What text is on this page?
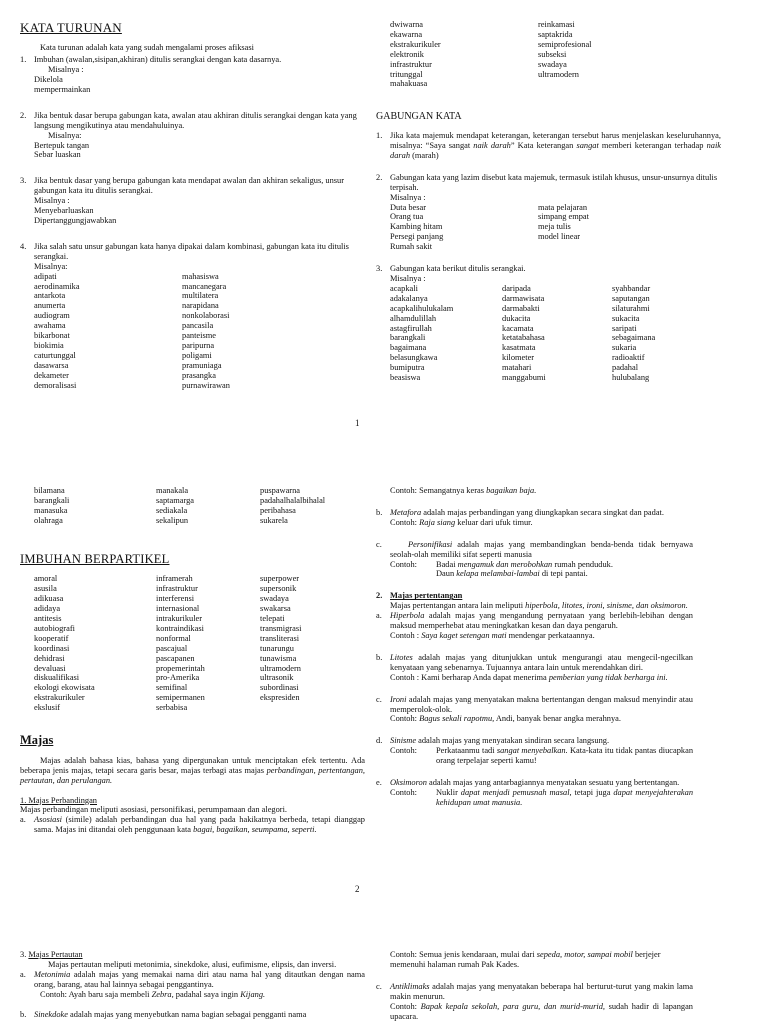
KATA TURUNAN

Kata turunan adalah kata yang sudah mengalami proses afiksasi

1. Imbuhan (awalan,sisipan,akhiran) ditulis serangkai dengan kata dasarnya.

Misalnya :

Dikelola

mempermainkan

2. Jika bentuk dasar berupa gabungan kata, awalan atau akhiran ditulis serangkai dengan kata yang langsung mengikutinya atau mendahuluinya.

Misalnya:

Bertepuk tangan

Sebar luaskan

3. Jika bentuk dasar yang berupa gabungan kata mendapat awalan dan akhiran sekaligus, unsur gabungan kata itu ditulis serangkai.

Misalnya :

Menyebarluaskan

Dipertanggungjawabkan

4. Jika salah satu unsur gabungan kata hanya dipakai dalam kombinasi, gabungan kata itu ditulis serangkai.

Misalnya:

adipati	mahasiswa
aerodinamika	mancanegara
antarkota	multilatera
anumerta	narapidana
audiogram	nonkolaborasi
awahama	pancasila
bikarbonat	panteisme
biokimia	paripurna
caturtunggal	poligami
dasawarsa	pramuniaga
dekameter	prasangka
demoralisasi	purnawirawan
dwiwarna	reinkamasi
ekawarna	saptakrida
ekstrakurikuler	semiprofesional
elektronik	subseksi
infrastruktur	swadaya
tritunggal	ultramodern
mahakuasa
GABUNGAN KATA
1. Jika kata majemuk mendapat keterangan, keterangan tersebut harus menjelaskan keseluruhannya, misalnya: “Saya sangat naik darah” Kata keterangan sangat memberi keterangan terhadap naik darah (marah)

2. Gabungan kata yang lazim disebut kata majemuk, termasuk istilah khusus, unsur-unsurnya ditulis terpisah.

Misalnya :

Duta besar	mata pelajaran
Orang tua	simpang empat
Kambing hitam	meja tulis
Persegi panjang	model linear
Rumah sakit
3. Gabungan kata berikut ditulis serangkai.

Misalnya :

acapkali	daripada	syahbandar
adakalanya	darmawisata	saputangan
acapkalihulukalam	darmabakti	silaturahmi
alhamdulillah	dukacita	sukacita
astagfirullah	kacamata	saripati
barangkali	ketatabahasa	sebagaimana
bagaimana	kasatmata	sukaria
belasungkawa	kilometer	radioaktif
bumiputra	matahari	padahal
beasiswa	manggabumi	hulubalang
1
bilamana	manakala	puspawarna
barangkali	saptamarga	padahalhalalbihalal
manasuka	sediakala	peribahasa
olahraga	sekalipun	sukarela
IMBUHAN BERPARTIKEL
amoral	inframerah	superpower
asusila	infrastruktur	supersonik
adikuasa	interferensi	swadaya
adidaya	internasional	swakarsa
antitesis	intrakurikuler	telepati
autobiografi	kontraindikasi	transmigrasi
kooperatif	nonformal	transliterasi
koordinasi	pascajual	tunarungu
dehidrasi	pascapanen	tunawisma
devaluasi	propemerintah	ultramodern
diskualifikasi	pro-Amerika	ultrasonik
ekologi ekowisata	semifinal	subordinasi
ekstrakurikuler	semipermanen	ekspresiden
ekslusif	serbabisa
Majas

Majas adalah bahasa kias, bahasa yang dipergunakan untuk menciptakan efek tertentu. Ada beberapa jenis majas, tetapi secara garis besar, majas terbagi atas majas perbandingan, pertentangan, pertautan, dan perulangan.

1. Majas Perbandingan

Majas perbandingan meliputi asosiasi, personifikasi, perumpamaan dan alegori.

a. Asosiasi (simile) adalah perbandingan dua hal yang pada hakikatnya berbeda, tetapi dianggap sama. Majas ini ditandai oleh penggunaan kata bagai, bagaikan, seumpama, seperti.

Contoh: Semangatnya keras bagaikan baja.

b. Metafora adalah majas perbandingan yang diungkapkan secara singkat dan padat.

Contoh: Raja siang keluar dari ufuk timur.

c.	Personifikasi adalah majas yang membandingkan benda-benda tidak bernyawa seolah-olah memiliki sifat seperti manusia

Contoh:	Badai mengamuk dan merobohkan rumah penduduk.

Daun kelapa melambai-lambai di tepi pantai.

2. Majas pertentangan

Majas pertentangan antara lain meliputi hiperbola, litotes, ironi, sinisme, dan oksimoron.

a. Hiperbola adalah majas yang mengandung pernyataan yang berlebih-lebihan dengan maksud memperhebat atau meningkatkan kesan dan daya pengaruh.

Contoh : Saya kaget setengan mati mendengar perkataannya.

b. Litotes adalah majas yang ditunjukkan untuk mengurangi atau mengecil-ngecilkan kenyataan yang sebenarnya. Tujuannya antara lain untuk merendahkan diri.

Contoh : Kami berharap Anda dapat menerima pemberian yang tidak berharga ini.

c. Ironi adalah majas yang menyatakan makna bertentangan dengan maksud menyindir atau memperolok-olok.

Contoh: Bagus sekali rapotmu, Andi, banyak benar angka merahnya.

d. Sinisme adalah majas yang menyatakan sindiran secara langsung.

Contoh:	Perkataanmu tadi sangat menyebalkan. Kata-kata itu tidak pantas diucapkan orang terpelajar seperti kamu!

e. Oksimoron adalah majas yang antarbagiannya menyatakan sesuatu yang bertentangan.

Contoh:	Nuklir dapat menjadi pemusnah masal, tetapi juga dapat menyejahterakan kehidupan umat manusia.

2

3. Majas Pertautan

Majas pertautan meliputi metonimia, sinekdoke, alusi, eufimisme, elipsis, dan inversi.

a. Metonimia adalah majas yang memakai nama diri atau nama hal yang ditautkan dengan nama orang, barang, atau hal lainnya sebagai penggantinya.

Contoh: Ayah baru saja membeli Zebra, padahal saya ingin Kijang.

b. Sinekdoke adalah majas yang menyebutkan nama bagian sebagai pengganti nama

Contoh: Semua jenis kendaraan, mulai dari sepeda, motor, sampai mobil berjejer memenuhi halaman rumah Pak Kades.

c. Antiklimaks adalah majas yang menyatakan beberapa hal berturut-turut yang makin lama makin menurun.

Contoh: Bapak kepala sekolah, para guru, dan murid-murid, sudah hadir di lapangan upacara.
